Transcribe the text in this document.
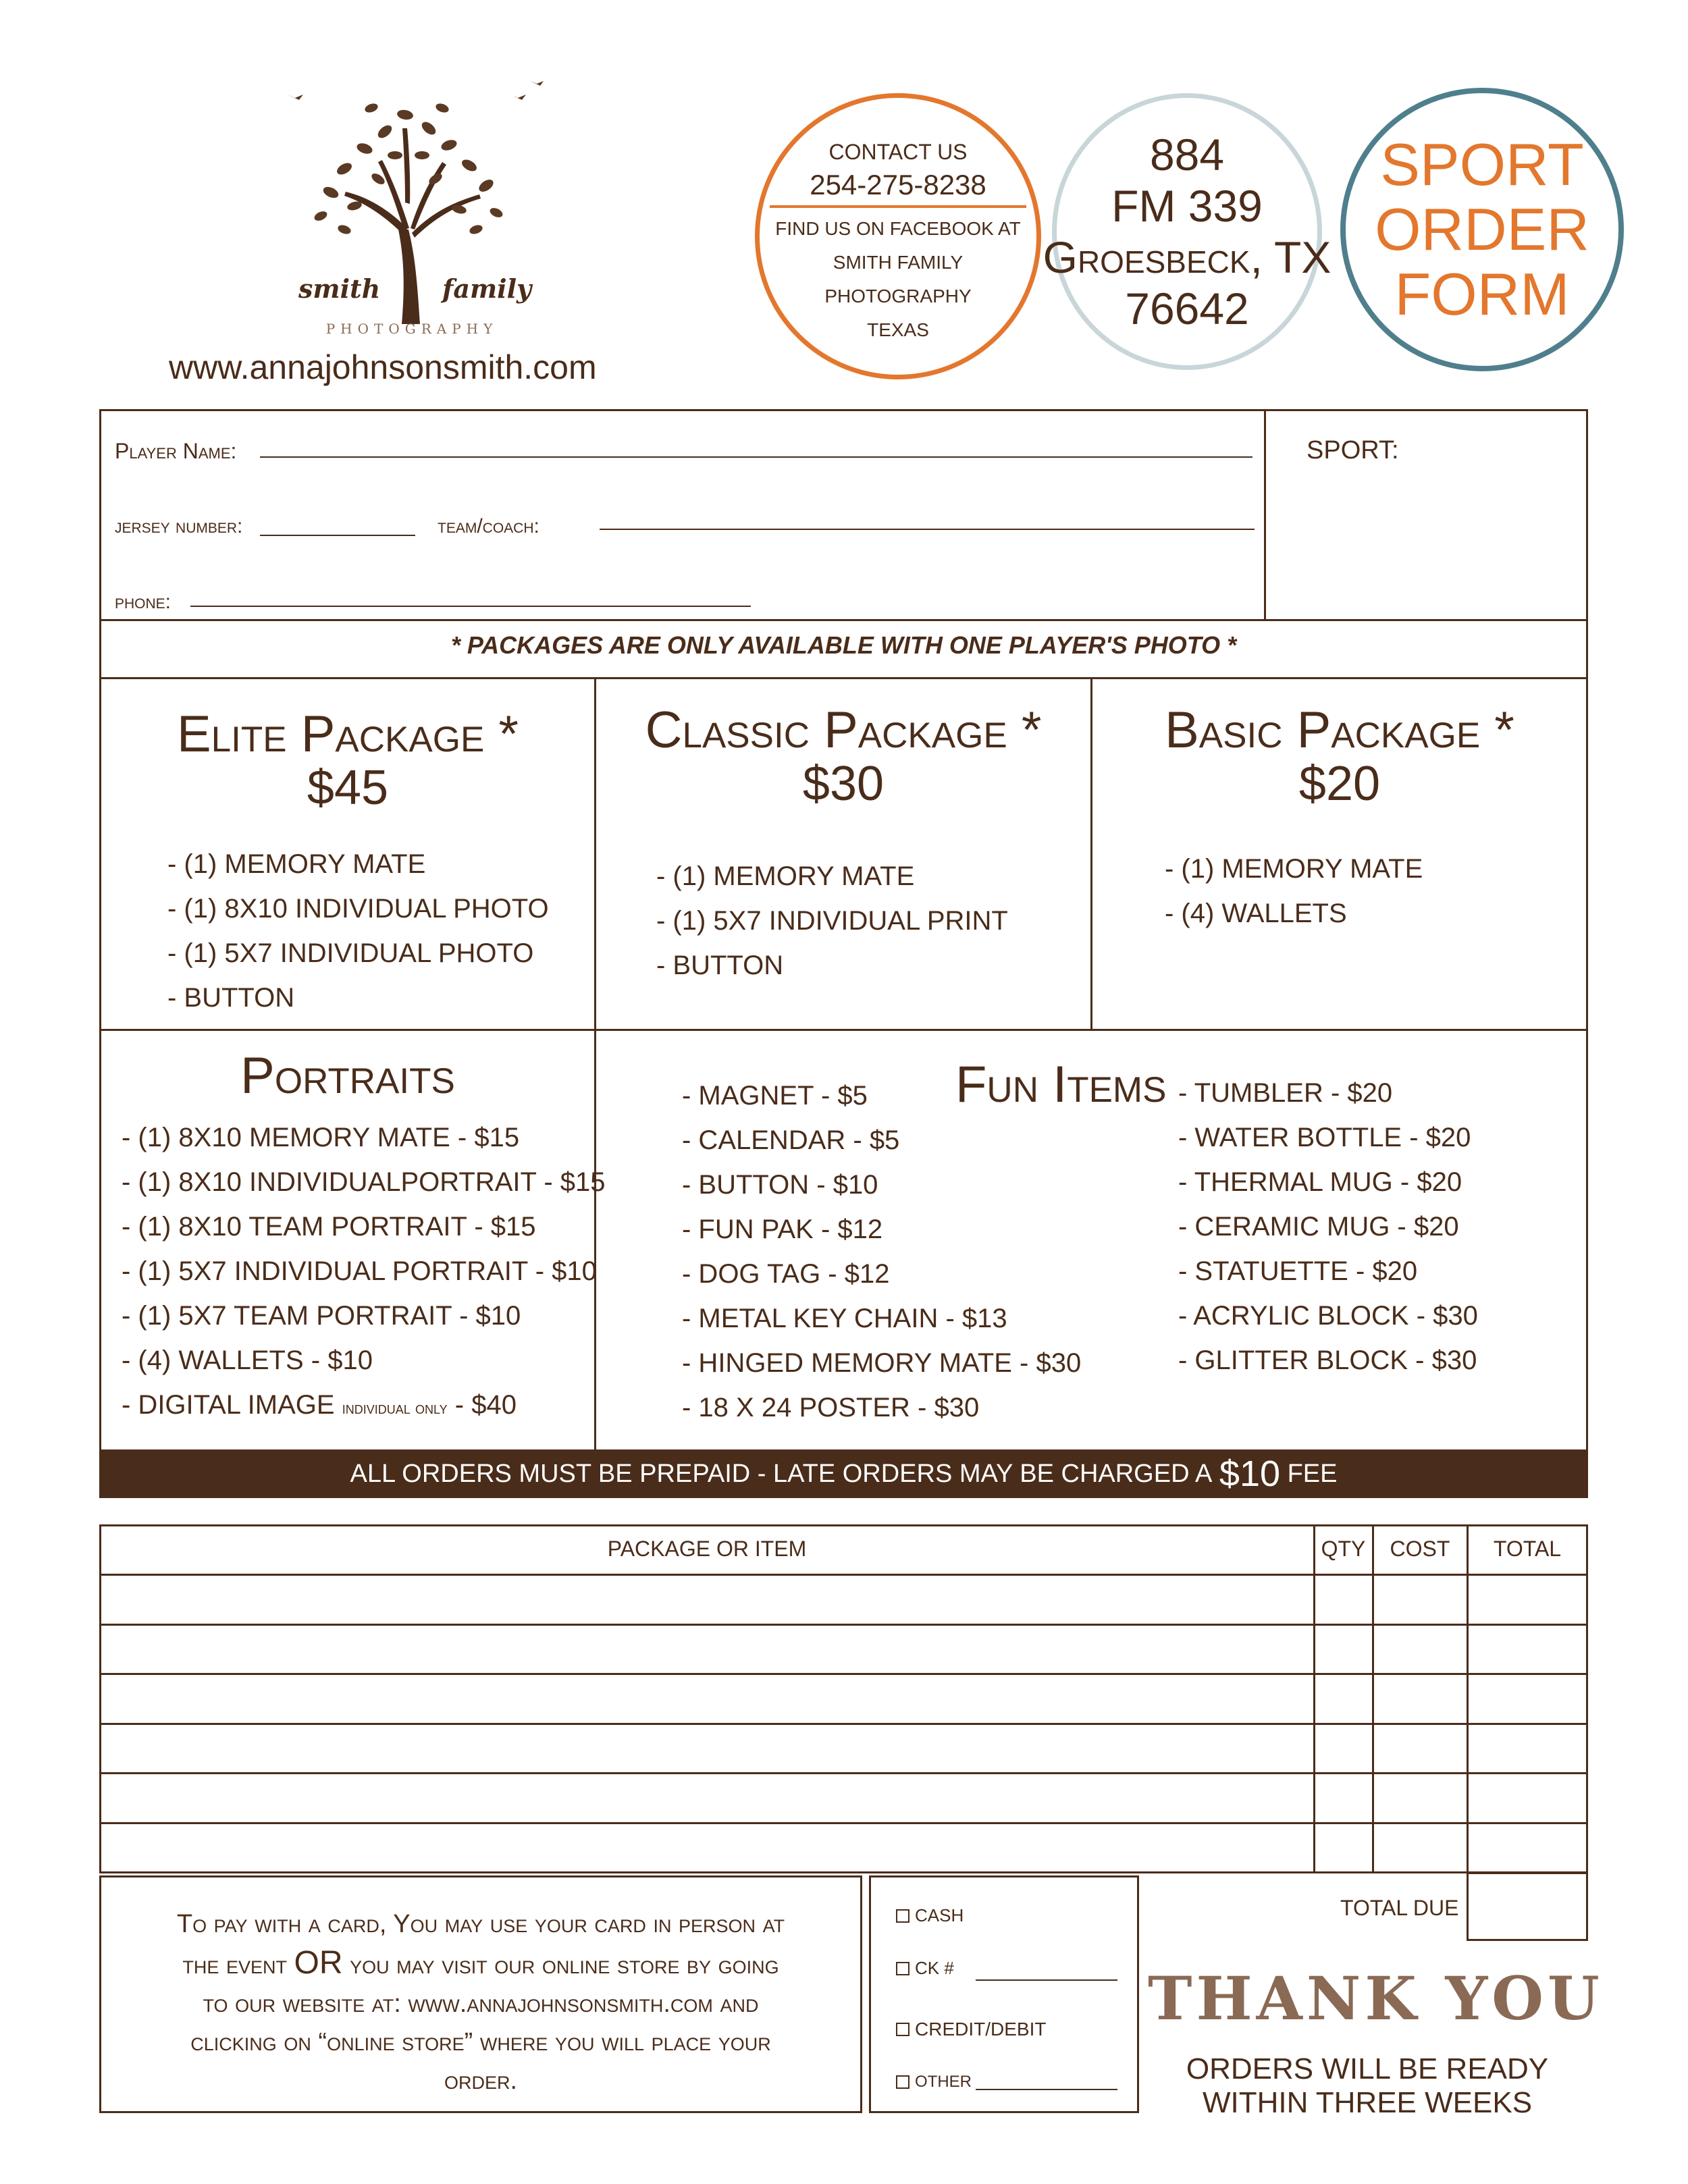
smith family
PHOTOGRAPHY
www.annajohnsonsmith.com
CONTACT US
254-275-8238
FIND US ON FACEBOOK AT
SMITH FAMILY
PHOTOGRAPHY
TEXAS
884
FM 339
Groesbeck, TX
76642
SPORT
ORDER
FORM
Player Name:	SPORT:
jersey number:	team/coach:
phone:
* PACKAGES ARE ONLY AVAILABLE WITH ONE PLAYER'S PHOTO *
Elite Package *
$45
- (1) MEMORY MATE
- (1) 8X10 INDIVIDUAL PHOTO
- (1) 5X7 INDIVIDUAL PHOTO
- BUTTON
Classic Package *
$30
- (1) MEMORY MATE
- (1) 5X7 INDIVIDUAL PRINT
- BUTTON
Basic Package *
$20
- (1) MEMORY MATE
- (4) WALLETS
Portraits
- (1) 8X10 MEMORY MATE - $15
- (1) 8X10 INDIVIDUALPORTRAIT - $15
- (1) 8X10 TEAM PORTRAIT - $15
- (1) 5X7 INDIVIDUAL PORTRAIT - $10
- (1) 5X7 TEAM PORTRAIT - $10
- (4) WALLETS - $10
- DIGITAL IMAGE individual only - $40
Fun Items
- MAGNET - $5
- CALENDAR - $5
- BUTTON - $10
- FUN PAK - $12
- DOG TAG - $12
- METAL KEY CHAIN - $13
- HINGED MEMORY MATE - $30
- 18 X 24 POSTER - $30
- TUMBLER - $20
- WATER BOTTLE - $20
- THERMAL MUG - $20
- CERAMIC MUG - $20
- STATUETTE - $20
- ACRYLIC BLOCK - $30
- GLITTER BLOCK - $30
ALL ORDERS MUST BE PREPAID - LATE ORDERS MAY BE CHARGED A
$10
FEE
PACKAGE OR ITEM	QTY	COST	TOTAL
TOTAL DUE
To pay with a card, You may use your card in person at
the event OR you may visit our online store by going
to our website at: www.annajohnsonsmith.com and
clicking on “online store” where you will place your
order.
CASH
CK #
CREDIT/DEBIT
OTHER
THANK YOU
ORDERS WILL BE READY
WITHIN THREE WEEKS
